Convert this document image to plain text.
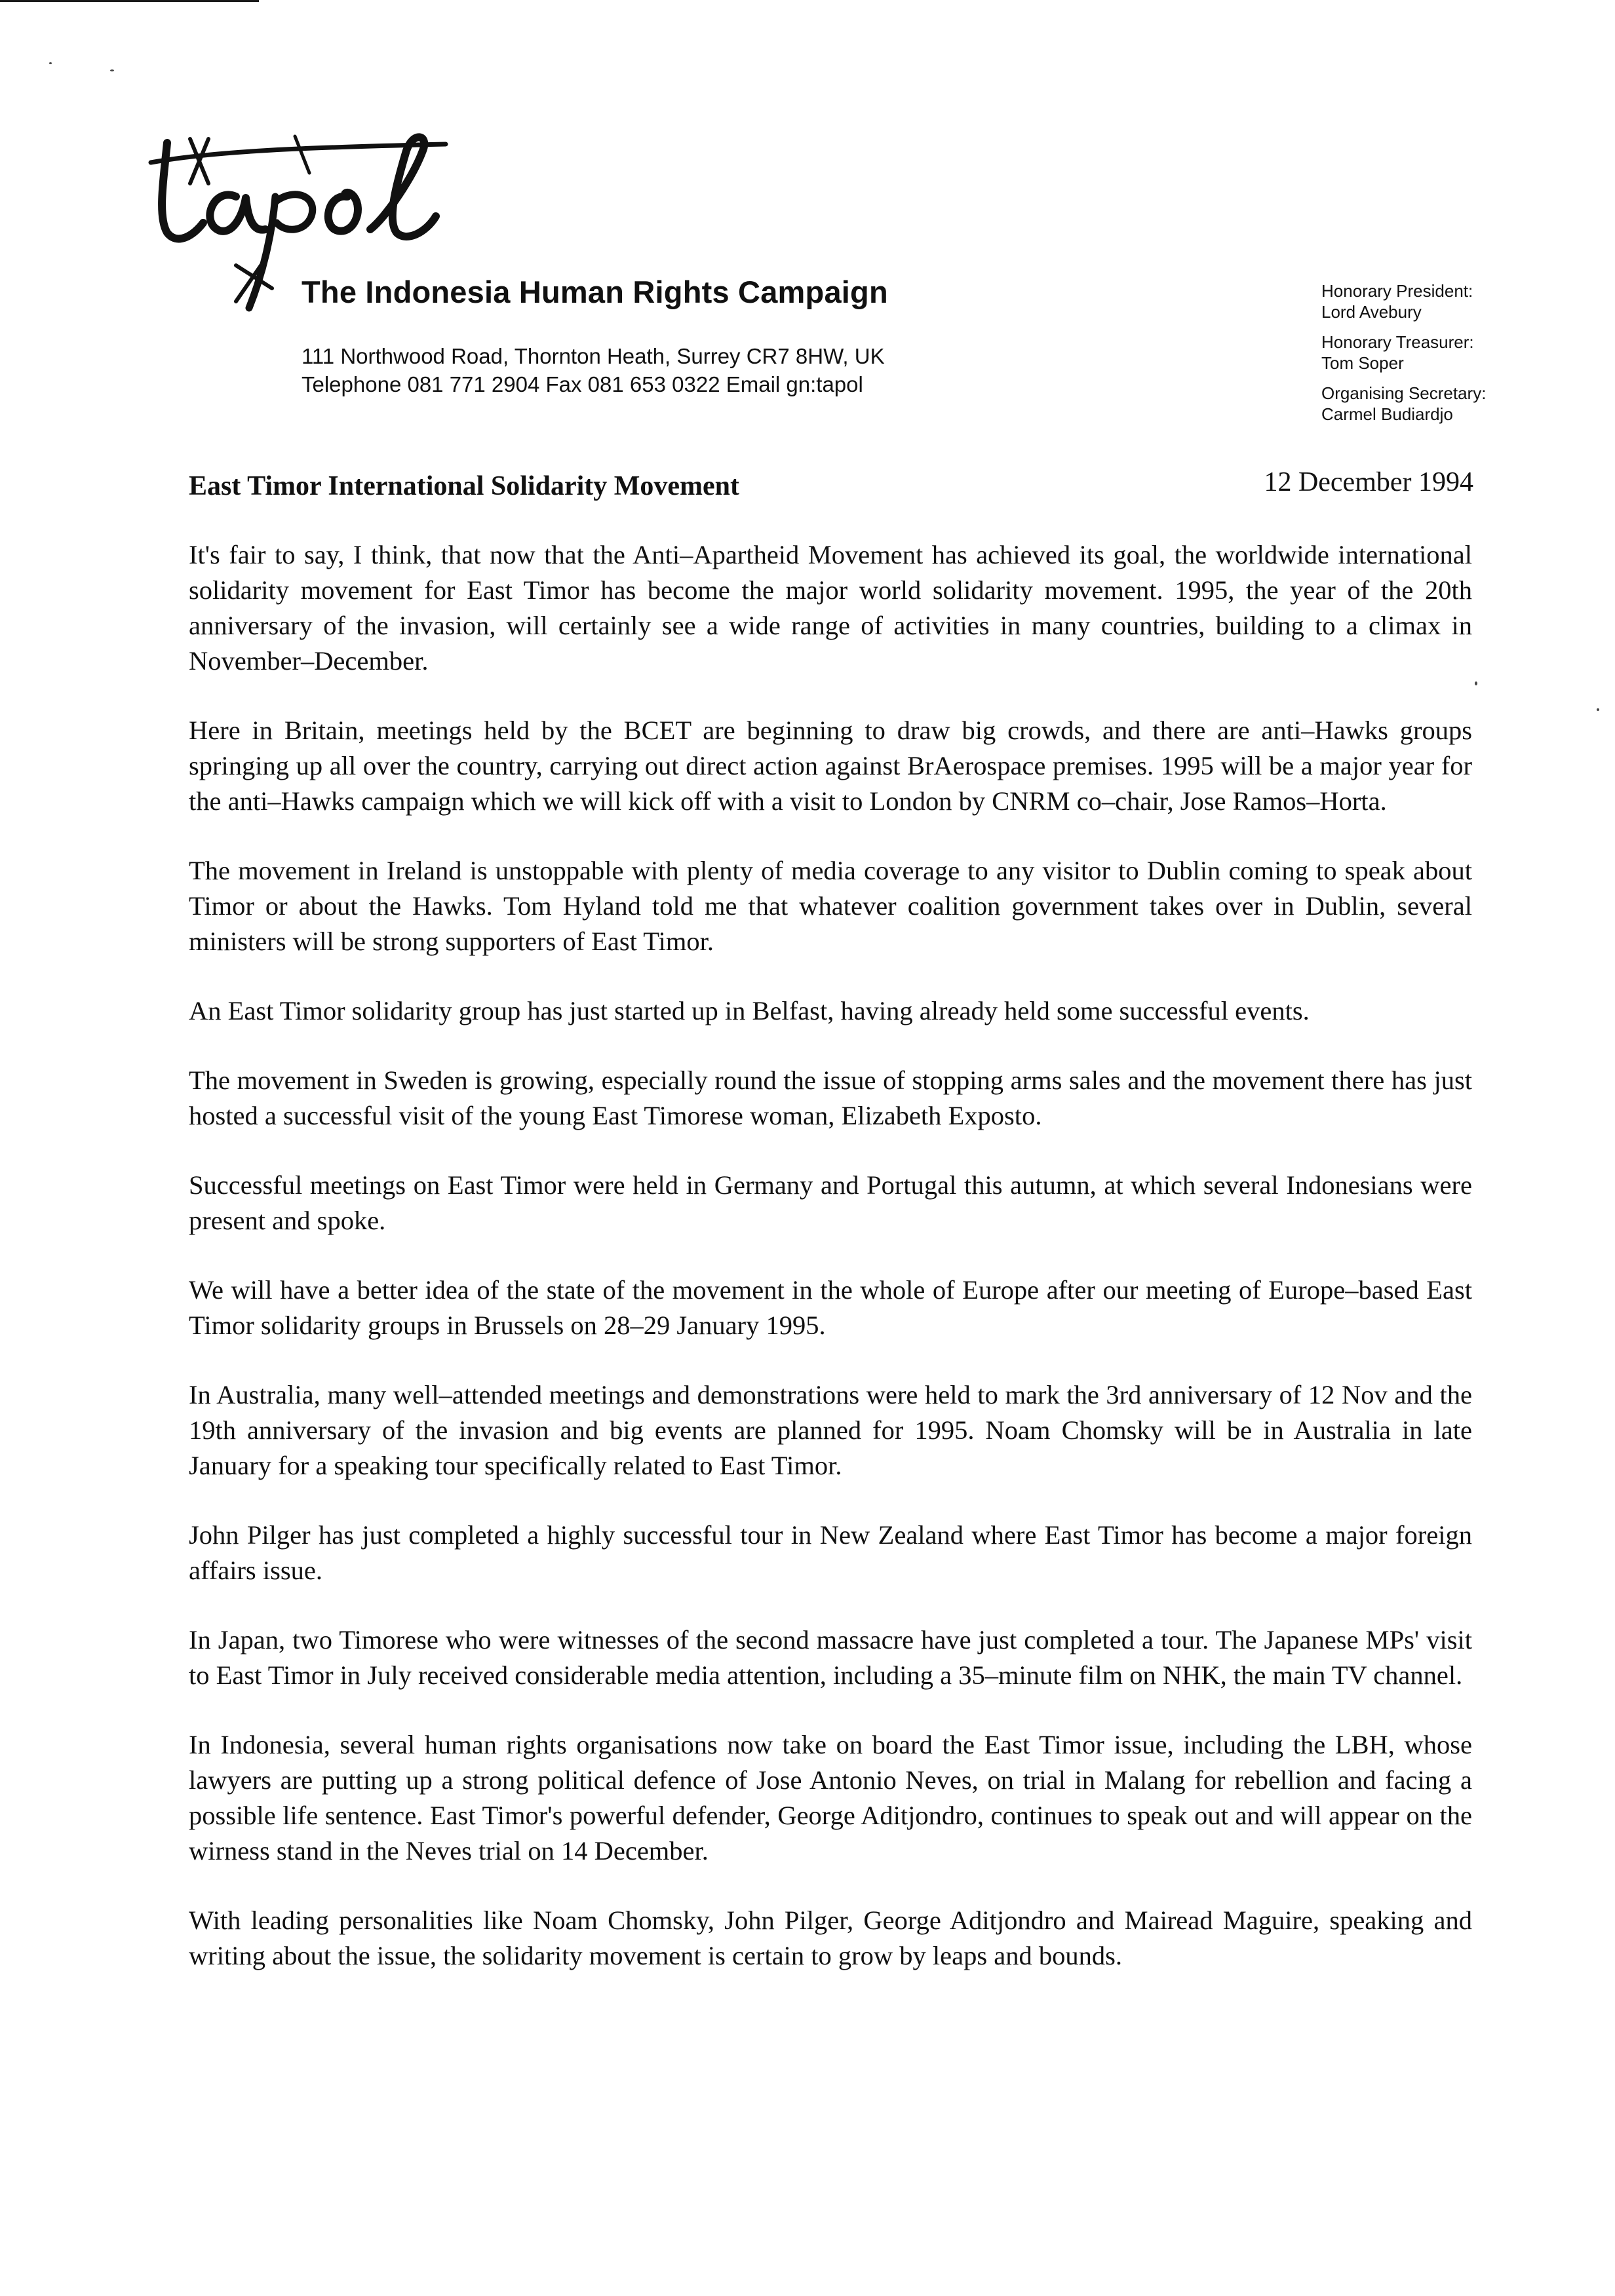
The Indonesia Human Rights Campaign
111 Northwood Road, Thornton Heath, Surrey CR7 8HW, UK
Telephone 081 771 2904 Fax 081 653 0322 Email gn:tapol
Honorary President:
Lord Avebury
Honorary Treasurer:
Tom Soper
Organising Secretary:
Carmel Budiardjo
East Timor International Solidarity Movement	12 December 1994

It's fair to say, I think, that now that the Anti–Apartheid Movement has achieved its goal, the worldwide international solidarity movement for East Timor has become the major world solidarity movement. 1995, the year of the 20th anniversary of the invasion, will certainly see a wide range of activities in many countries, building to a climax in November–December.

Here in Britain, meetings held by the BCET are beginning to draw big crowds, and there are anti–Hawks groups springing up all over the country, carrying out direct action against BrAerospace premises. 1995 will be a major year for the anti–Hawks campaign which we will kick off with a visit to London by CNRM co–chair, Jose Ramos–Horta.

The movement in Ireland is unstoppable with plenty of media coverage to any visitor to Dublin coming to speak about Timor or about the Hawks. Tom Hyland told me that whatever coalition government takes over in Dublin, several ministers will be strong supporters of East Timor.

An East Timor solidarity group has just started up in Belfast, having already held some successful events.

The movement in Sweden is growing, especially round the issue of stopping arms sales and the movement there has just hosted a successful visit of the young East Timorese woman, Elizabeth Exposto.

Successful meetings on East Timor were held in Germany and Portugal this autumn, at which several Indonesians were present and spoke.

We will have a better idea of the state of the movement in the whole of Europe after our meeting of Europe–based East Timor solidarity groups in Brussels on 28–29 January 1995.

In Australia, many well–attended meetings and demonstrations were held to mark the 3rd anniversary of 12 Nov and the 19th anniversary of the invasion and big events are planned for 1995. Noam Chomsky will be in Australia in late January for a speaking tour specifically related to East Timor.

John Pilger has just completed a highly successful tour in New Zealand where East Timor has become a major foreign affairs issue.

In Japan, two Timorese who were witnesses of the second massacre have just completed a tour. The Japanese MPs' visit to East Timor in July received considerable media attention, including a 35–minute film on NHK, the main TV channel.

In Indonesia, several human rights organisations now take on board the East Timor issue, including the LBH, whose lawyers are putting up a strong political defence of Jose Antonio Neves, on trial in Malang for rebellion and facing a possible life sentence. East Timor's powerful defender, George Aditjondro, continues to speak out and will appear on the wirness stand in the Neves trial on 14 December.

With leading personalities like Noam Chomsky, John Pilger, George Aditjondro and Mairead Maguire, speaking and writing about the issue, the solidarity movement is certain to grow by leaps and bounds.
